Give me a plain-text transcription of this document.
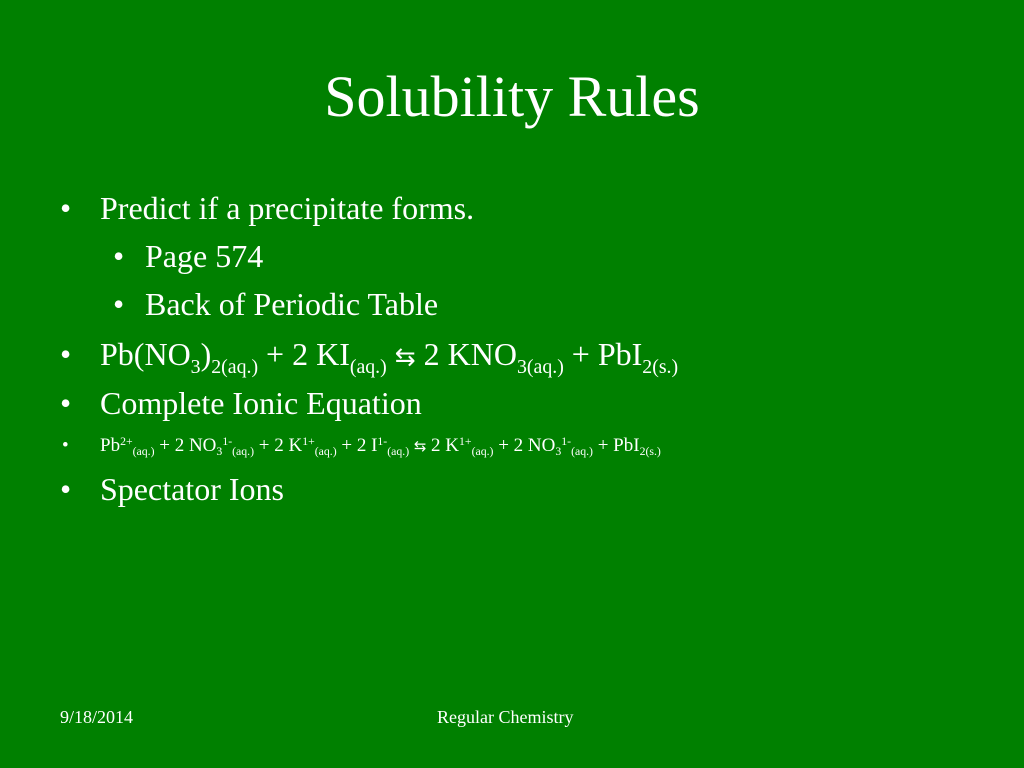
Solubility Rules
• Predict if a precipitate forms.
• Page 574
• Back of Periodic Table
• $Pb(NO_3)_{2(aq.)} + 2$ $KI_{(aq.)}$ ⇆ 2 $KNO_{3(aq.)} + PbI_{2(s.)}$
• Complete Ionic Equation
• $Pb^{2+}_{(aq.)} + 2$ $NO_3^{1-}_{(aq.)} + 2$ $K^{1+}_{(aq.)} + 2$ $I^{1-}_{(aq.)}$ ⇆ 2 $K^{1+}_{(aq.)} + 2$ $NO_3^{1-}_{(aq.)} + PbI_{2(s.)}$
• Spectator Ions
9/18/2014	Regular Chemistry
